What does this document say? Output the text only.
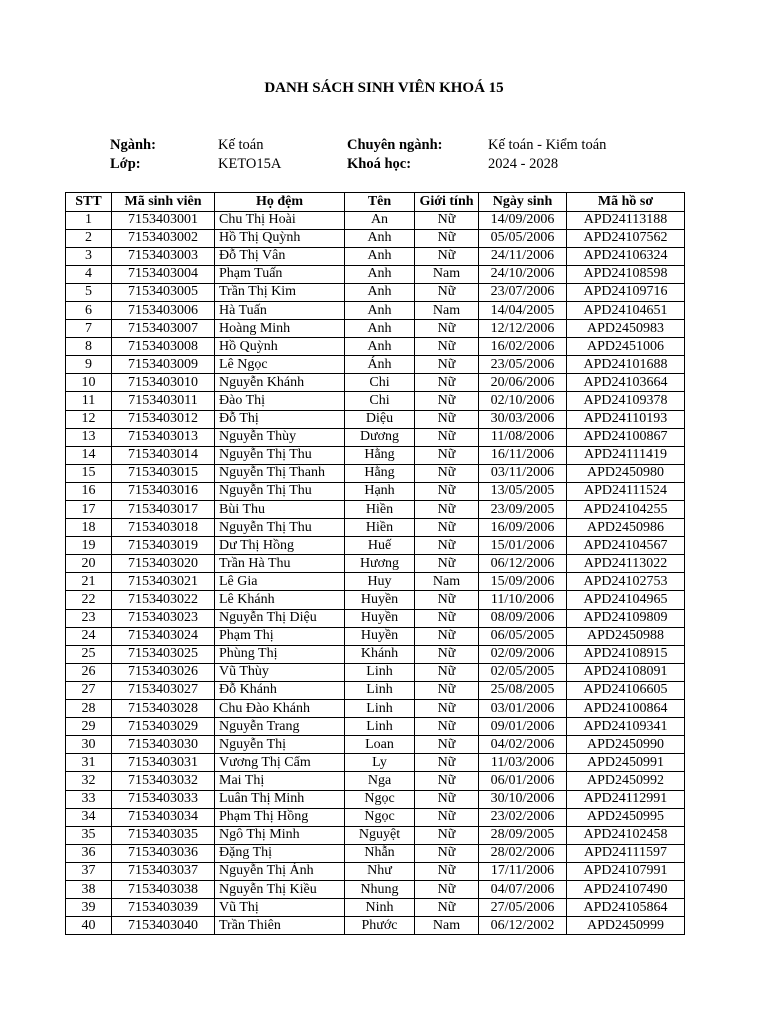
DANH SÁCH SINH VIÊN KHOÁ 15
Ngành:	Kế toán	Chuyên ngành:	Kế toán - Kiểm toán
Lớp:	KETO15A	Khoá học:	2024 - 2028
STT	Mã sinh viên	Họ đệm	Tên	Giới tính	Ngày sinh	Mã hồ sơ
1	7153403001	Chu Thị Hoài	An	Nữ	14/09/2006	APD24113188
2	7153403002	Hồ Thị Quỳnh	Anh	Nữ	05/05/2006	APD24107562
3	7153403003	Đỗ Thị Vân	Anh	Nữ	24/11/2006	APD24106324
4	7153403004	Phạm Tuấn	Anh	Nam	24/10/2006	APD24108598
5	7153403005	Trần Thị Kim	Anh	Nữ	23/07/2006	APD24109716
6	7153403006	Hà Tuấn	Anh	Nam	14/04/2005	APD24104651
7	7153403007	Hoàng Minh	Anh	Nữ	12/12/2006	APD2450983
8	7153403008	Hồ Quỳnh	Anh	Nữ	16/02/2006	APD2451006
9	7153403009	Lê Ngọc	Ánh	Nữ	23/05/2006	APD24101688
10	7153403010	Nguyễn Khánh	Chi	Nữ	20/06/2006	APD24103664
11	7153403011	Đào Thị	Chi	Nữ	02/10/2006	APD24109378
12	7153403012	Đỗ Thị	Diệu	Nữ	30/03/2006	APD24110193
13	7153403013	Nguyễn Thùy	Dương	Nữ	11/08/2006	APD24100867
14	7153403014	Nguyễn Thị Thu	Hằng	Nữ	16/11/2006	APD24111419
15	7153403015	Nguyễn Thị Thanh	Hằng	Nữ	03/11/2006	APD2450980
16	7153403016	Nguyễn Thị Thu	Hạnh	Nữ	13/05/2005	APD24111524
17	7153403017	Bùi Thu	Hiền	Nữ	23/09/2005	APD24104255
18	7153403018	Nguyễn Thị Thu	Hiền	Nữ	16/09/2006	APD2450986
19	7153403019	Dư Thị Hồng	Huế	Nữ	15/01/2006	APD24104567
20	7153403020	Trần Hà Thu	Hương	Nữ	06/12/2006	APD24113022
21	7153403021	Lê Gia	Huy	Nam	15/09/2006	APD24102753
22	7153403022	Lê Khánh	Huyền	Nữ	11/10/2006	APD24104965
23	7153403023	Nguyễn Thị Diệu	Huyền	Nữ	08/09/2006	APD24109809
24	7153403024	Phạm Thị	Huyền	Nữ	06/05/2005	APD2450988
25	7153403025	Phùng Thị	Khánh	Nữ	02/09/2006	APD24108915
26	7153403026	Vũ Thùy	Linh	Nữ	02/05/2005	APD24108091
27	7153403027	Đỗ Khánh	Linh	Nữ	25/08/2005	APD24106605
28	7153403028	Chu Đào Khánh	Linh	Nữ	03/01/2006	APD24100864
29	7153403029	Nguyễn Trang	Linh	Nữ	09/01/2006	APD24109341
30	7153403030	Nguyễn Thị	Loan	Nữ	04/02/2006	APD2450990
31	7153403031	Vương Thị Cẩm	Ly	Nữ	11/03/2006	APD2450991
32	7153403032	Mai Thị	Nga	Nữ	06/01/2006	APD2450992
33	7153403033	Luân Thị Minh	Ngọc	Nữ	30/10/2006	APD24112991
34	7153403034	Phạm Thị Hồng	Ngọc	Nữ	23/02/2006	APD2450995
35	7153403035	Ngô Thị Minh	Nguyệt	Nữ	28/09/2005	APD24102458
36	7153403036	Đặng Thị	Nhẫn	Nữ	28/02/2006	APD24111597
37	7153403037	Nguyễn Thị Ánh	Như	Nữ	17/11/2006	APD24107991
38	7153403038	Nguyễn Thị Kiều	Nhung	Nữ	04/07/2006	APD24107490
39	7153403039	Vũ Thị	Ninh	Nữ	27/05/2006	APD24105864
40	7153403040	Trần Thiên	Phước	Nam	06/12/2002	APD2450999
